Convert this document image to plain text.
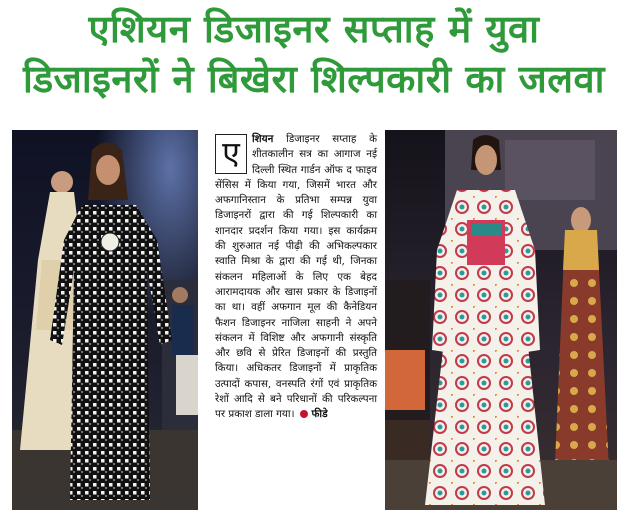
एशियन डिजाइनर सप्ताह में युवा
डिजाइनरों ने बिखेरा शिल्पकारी का जलवा
ए	शियन डिजाइनर सप्ताह के शीतकालीन सत्र का आगाज नई दिल्ली स्थित गार्डन ऑफ द फाइव सेंसिस में किया गया, जिसमें भारत और अफगानिस्तान के प्रतिभा सम्पन्न युवा डिजाइनरों द्वारा की गई शिल्पकारी का शानदार प्रदर्शन किया गया। इस कार्यक्रम की शुरुआत नई पीढ़ी की अभिकल्पकार स्वाति मिश्रा के द्वारा की गई थी, जिनका संकलन महिलाओं के लिए एक बेहद आरामदायक और खास प्रकार के डिजाइनों का था। वहीं अफगान मूल की कैनेडियन फैशन डिजाइनर नाजिला साहनी ने अपने संकलन में विशिष्ट और अफगानी संस्कृति और छवि से प्रेरित डिजाइनों की प्रस्तुति किया। अधिकतर डिजाइनों में प्राकृतिक उत्पादों कपास, वनस्पति रंगों एवं प्राकृतिक रेशों आदि से बने परिधानों की परिकल्पना पर प्रकाश डाला गया। फीडे
